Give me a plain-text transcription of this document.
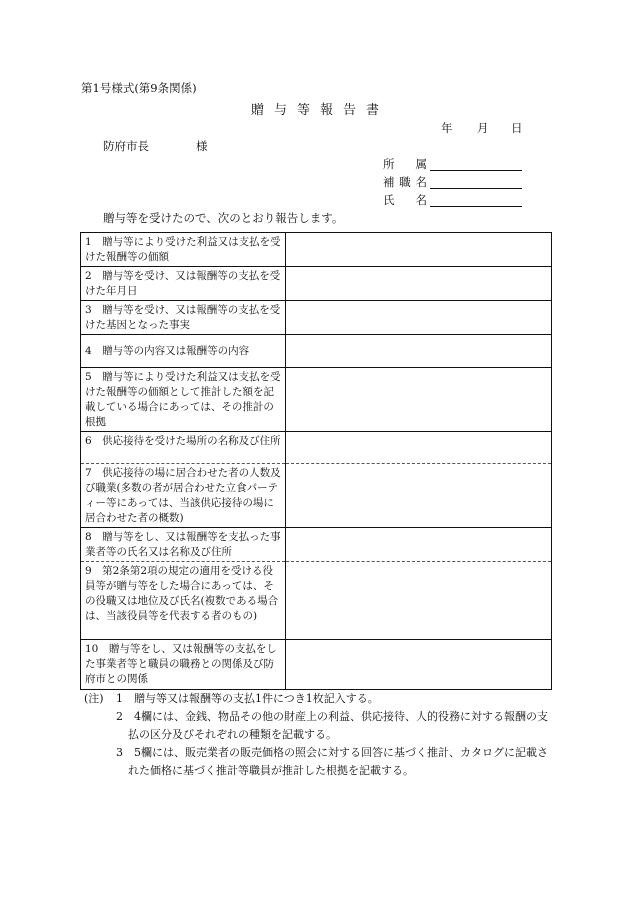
第1号様式(第9条関係)
贈与等報告書
年 月 日
防府市長	様
所　属
補職名
氏　名
贈与等を受けたので、次のとおり報告します。
1　贈与等により受けた利益又は支払を受けた報酬等の価額	
2　贈与等を受け、又は報酬等の支払を受けた年月日	
3　贈与等を受け、又は報酬等の支払を受けた基因となった事実	
4　贈与等の内容又は報酬等の内容	
5　贈与等により受けた利益又は支払を受けた報酬等の価額として推計した額を記載している場合にあっては、その推計の根拠	
6　供応接待を受けた場所の名称及び住所	
7　供応接待の場に居合わせた者の人数及び職業(多数の者が居合わせた立食パーティー等にあっては、当該供応接待の場に居合わせた者の概数)	
8　贈与等をし、又は報酬等を支払った事業者等の氏名又は名称及び住所	
9　第2条第2項の規定の適用を受ける役員等が贈与等をした場合にあっては、その役職又は地位及び氏名(複数である場合は、当該役員等を代表する者のもの)	
10　贈与等をし、又は報酬等の支払をした事業者等と職員の職務との関係及び防府市との関係	
(注) 1　贈与等又は報酬等の支払1件につき1枚記入する。
2　4欄には、金銭、物品その他の財産上の利益、供応接待、人的役務に対する報酬の支払の区分及びそれぞれの種類を記載する。
3　5欄には、販売業者の販売価格の照会に対する回答に基づく推計、カタログに記載された価格に基づく推計等職員が推計した根拠を記載する。
